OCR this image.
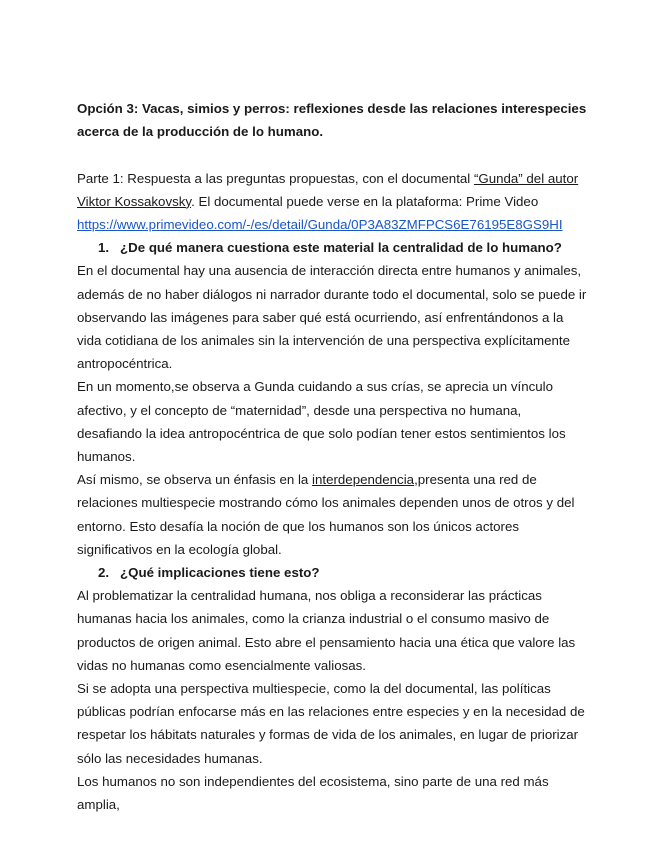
Opción 3: Vacas, simios y perros: reflexiones desde las relaciones interespecies acerca de la producción de lo humano.

Parte 1: Respuesta a las preguntas propuestas, con el documental “Gunda” del autor Viktor Kossakovsky. El documental puede verse en la plataforma: Prime Video
https://www.primevideo.com/-/es/detail/Gunda/0P3A83ZMFPCS6E76195E8GS9HI

1. ¿De qué manera cuestiona este material la centralidad de lo humano?

En el documental hay una ausencia de interacción directa entre humanos y animales, además de no haber diálogos ni narrador durante todo el documental, solo se puede ir observando las imágenes para saber qué está ocurriendo, así enfrentándonos a la vida cotidiana de los animales sin la intervención de una perspectiva explícitamente antropocéntrica.

En un momento,se observa a Gunda cuidando a sus crías, se aprecia un vínculo afectivo, y el concepto de “maternidad”, desde una perspectiva no humana, desafiando la idea antropocéntrica de que solo podían tener estos sentimientos los humanos.

Así mismo, se observa un énfasis en la interdependencia,presenta una red de relaciones multiespecie mostrando cómo los animales dependen unos de otros y del entorno. Esto desafía la noción de que los humanos son los únicos actores significativos en la ecología global.

2. ¿Qué implicaciones tiene esto?

Al problematizar la centralidad humana, nos obliga a reconsiderar las prácticas humanas hacia los animales, como la crianza industrial o el consumo masivo de productos de origen animal. Esto abre el pensamiento hacia una ética que valore las vidas no humanas como esencialmente valiosas.

Si se adopta una perspectiva multiespecie, como la del documental, las políticas públicas podrían enfocarse más en las relaciones entre especies y en la necesidad de respetar los hábitats naturales y formas de vida de los animales, en lugar de priorizar sólo las necesidades humanas.

Los humanos no son independientes del ecosistema, sino parte de una red más amplia,
